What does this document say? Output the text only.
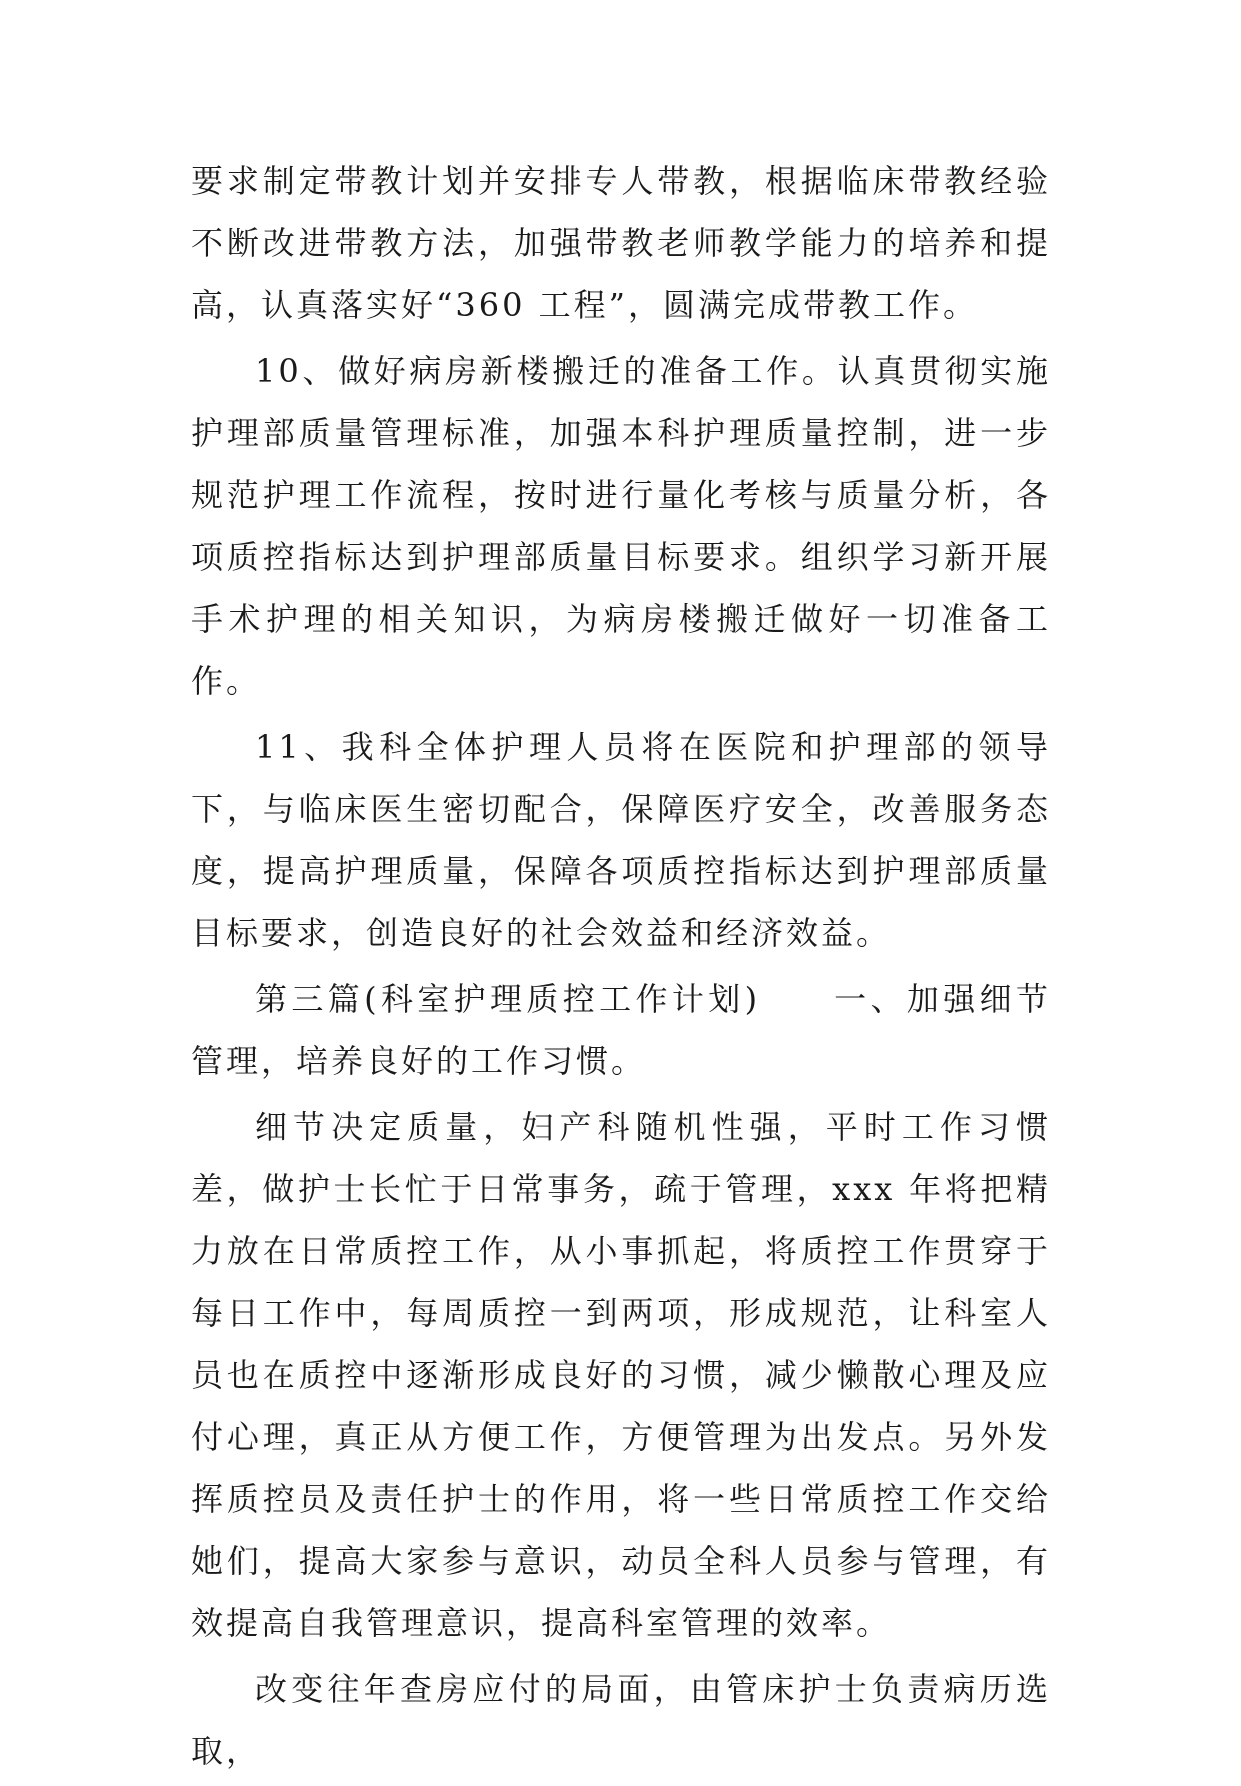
要求制定带教计划并安排专人带教，根据临床带教经验不断改进带教方法，加强带教老师教学能力的培养和提高，认真落实好“360 工程”，圆满完成带教工作。

10、做好病房新楼搬迁的准备工作。认真贯彻实施护理部质量管理标准，加强本科护理质量控制，进一步规范护理工作流程，按时进行量化考核与质量分析，各项质控指标达到护理部质量目标要求。组织学习新开展手术护理的相关知识，为病房楼搬迁做好一切准备工作。

11、我科全体护理人员将在医院和护理部的领导下，与临床医生密切配合，保障医疗安全，改善服务态度，提高护理质量，保障各项质控指标达到护理部质量目标要求，创造良好的社会效益和经济效益。

第三篇(科室护理质控工作计划)　　一、加强细节管理，培养良好的工作习惯。

细节决定质量，妇产科随机性强，平时工作习惯差，做护士长忙于日常事务，疏于管理，xxx 年将把精力放在日常质控工作，从小事抓起，将质控工作贯穿于每日工作中，每周质控一到两项，形成规范，让科室人员也在质控中逐渐形成良好的习惯，减少懒散心理及应付心理，真正从方便工作，方便管理为出发点。另外发挥质控员及责任护士的作用，将一些日常质控工作交给她们，提高大家参与意识，动员全科人员参与管理，有效提高自我管理意识，提高科室管理的效率。

改变往年查房应付的局面，由管床护士负责病历选取，
